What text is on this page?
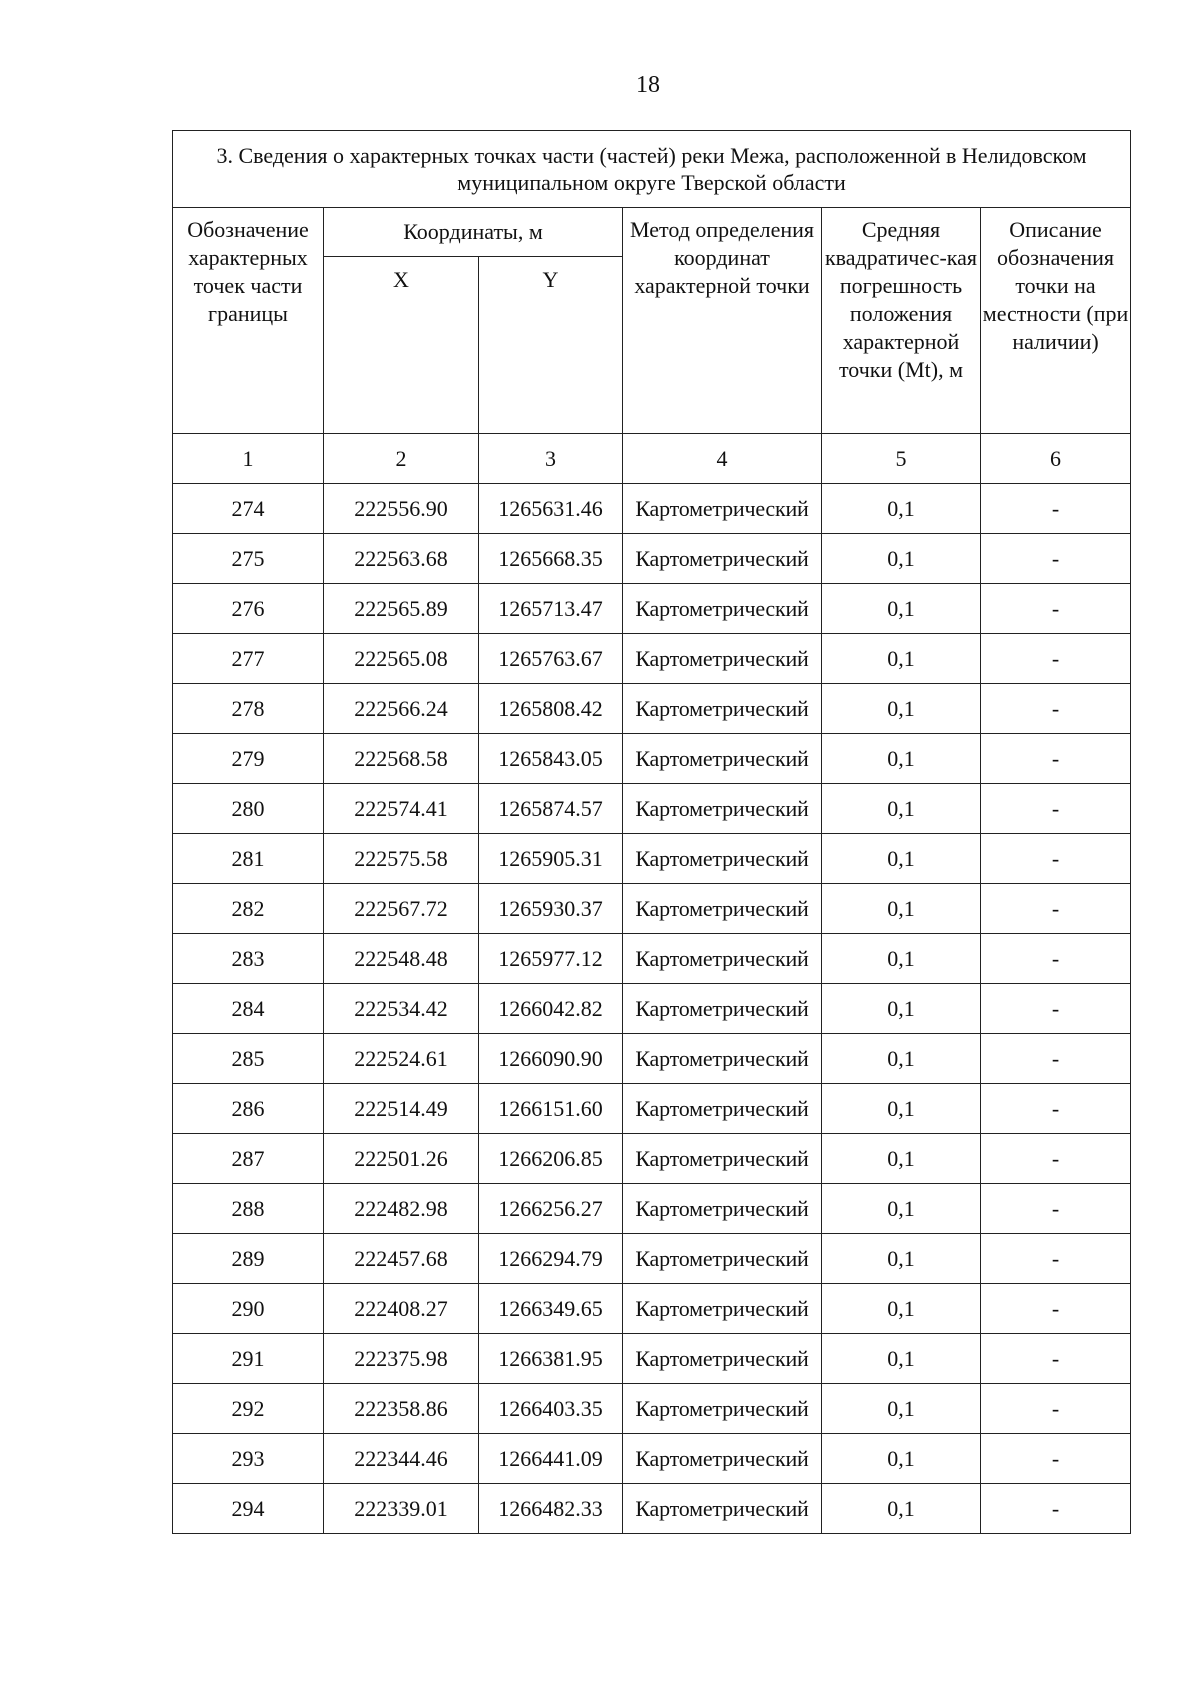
18
3. Сведения о характерных точках части (частей) реки Межа, расположенной в Нелидовском муниципальном округе Тверской области					
Обозначение характерных точек части границы	Координаты, м		Метод определения координат характерной точки	Средняя квадратичес-кая погрешность положения характерной точки (Mt), м	Описание обозначения точки на местности (при наличии)
	X	Y			
1	2	3	4	5	6
274	222556.90	1265631.46	Картометрический	0,1	-
275	222563.68	1265668.35	Картометрический	0,1	-
276	222565.89	1265713.47	Картометрический	0,1	-
277	222565.08	1265763.67	Картометрический	0,1	-
278	222566.24	1265808.42	Картометрический	0,1	-
279	222568.58	1265843.05	Картометрический	0,1	-
280	222574.41	1265874.57	Картометрический	0,1	-
281	222575.58	1265905.31	Картометрический	0,1	-
282	222567.72	1265930.37	Картометрический	0,1	-
283	222548.48	1265977.12	Картометрический	0,1	-
284	222534.42	1266042.82	Картометрический	0,1	-
285	222524.61	1266090.90	Картометрический	0,1	-
286	222514.49	1266151.60	Картометрический	0,1	-
287	222501.26	1266206.85	Картометрический	0,1	-
288	222482.98	1266256.27	Картометрический	0,1	-
289	222457.68	1266294.79	Картометрический	0,1	-
290	222408.27	1266349.65	Картометрический	0,1	-
291	222375.98	1266381.95	Картометрический	0,1	-
292	222358.86	1266403.35	Картометрический	0,1	-
293	222344.46	1266441.09	Картометрический	0,1	-
294	222339.01	1266482.33	Картометрический	0,1	-
